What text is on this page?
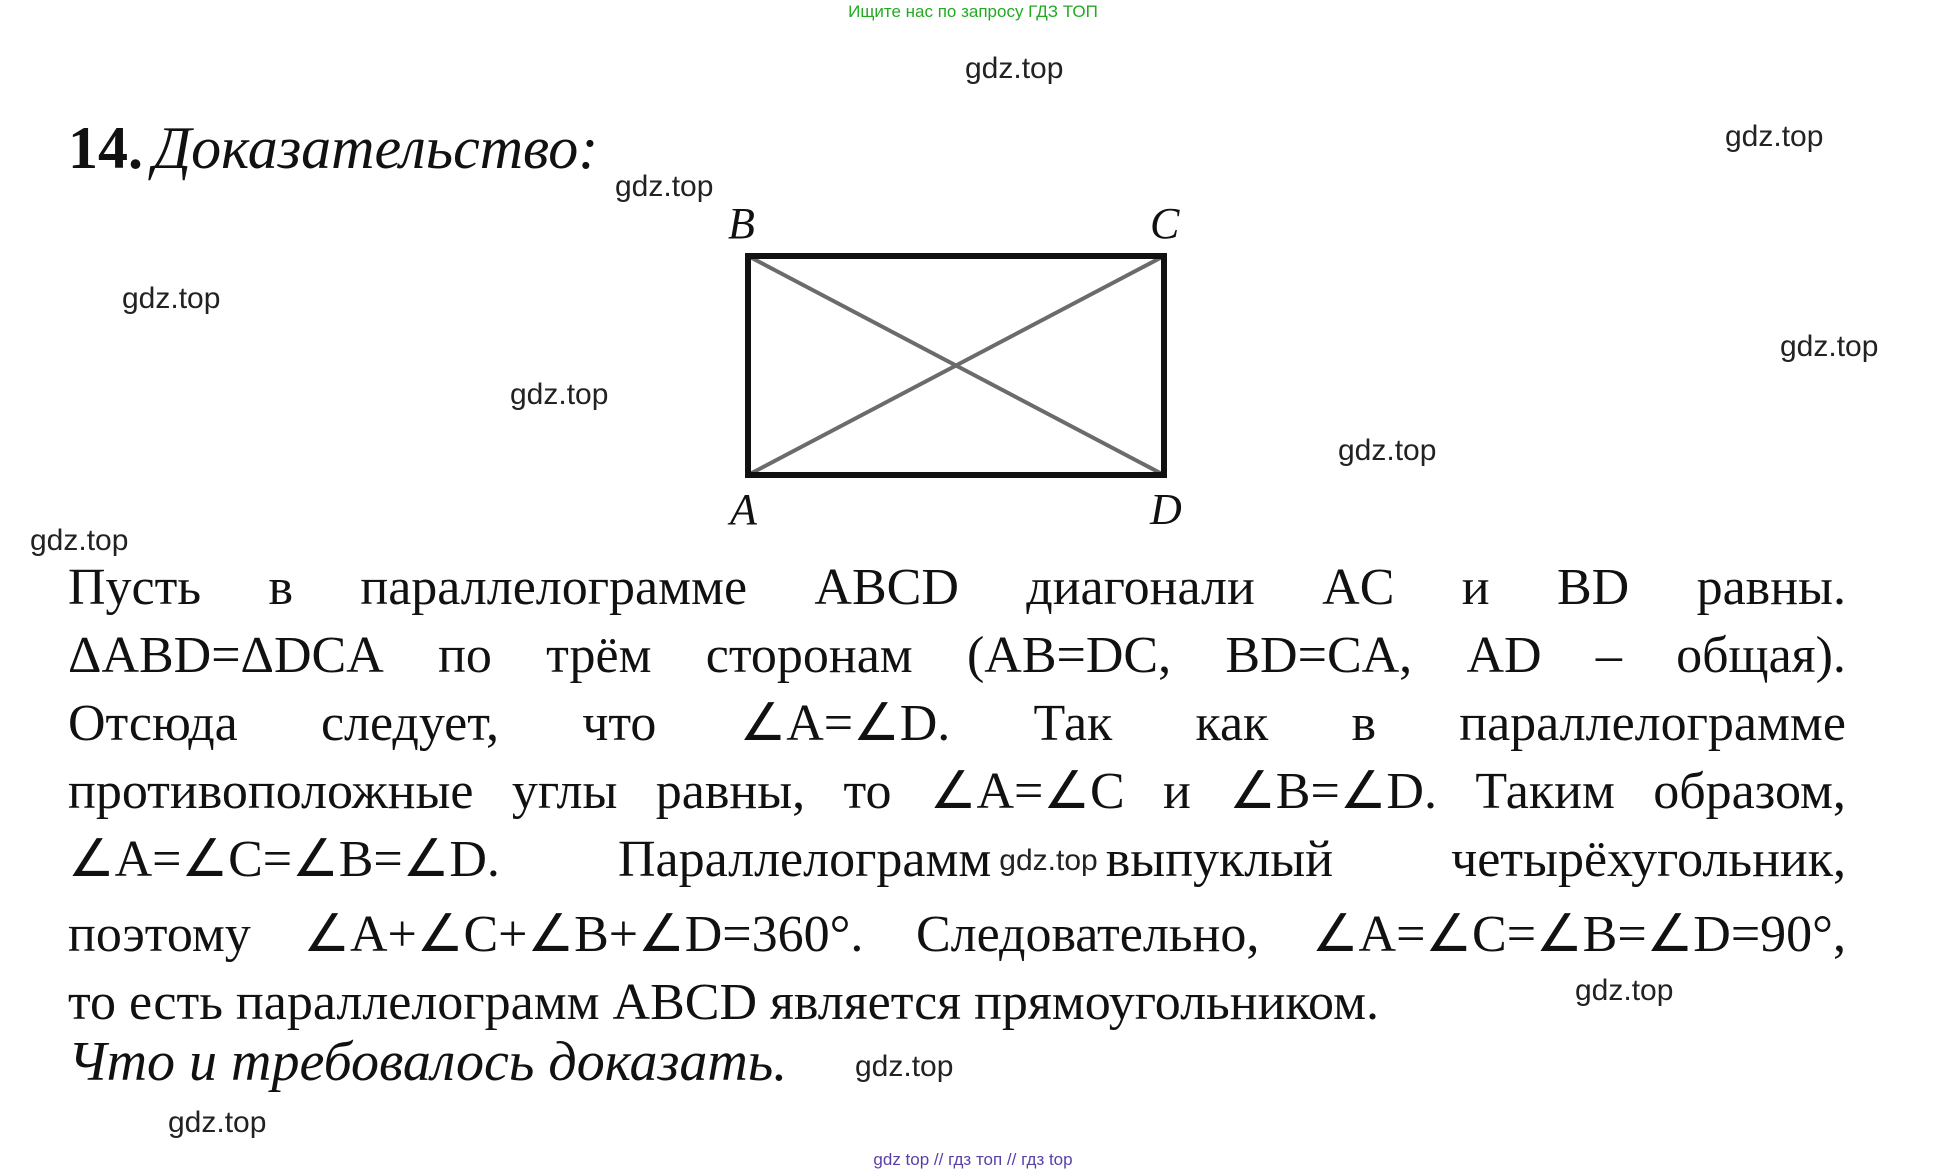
Ищите нас по запросу ГДЗ ТОП
gdz.top
gdz.top
gdz.top
gdz.top
gdz.top
gdz.top
gdz.top
gdz.top
gdz.top
gdz.top
gdz.top
14. Доказательство:
B	C
A	D
Пусть в параллелограмме ABCD диагонали AC и BD равны.
ΔABD=ΔDCA по трём сторонам (AB=DC, BD=CA, AD – общая).
Отсюда следует, что ∠A=∠D. Так как в параллелограмме
противоположные углы равны, то ∠A=∠C и ∠B=∠D. Таким образом,
∠A=∠C=∠B=∠D. Параллелограмм gdz.top выпуклый четырёхугольник,
поэтому ∠A+∠C+∠B+∠D=360°. Следовательно, ∠A=∠C=∠B=∠D=90°,
то есть параллелограмм ABCD является прямоугольником.
Что и требовалось доказать.
gdz top // гдз топ // гдз top
